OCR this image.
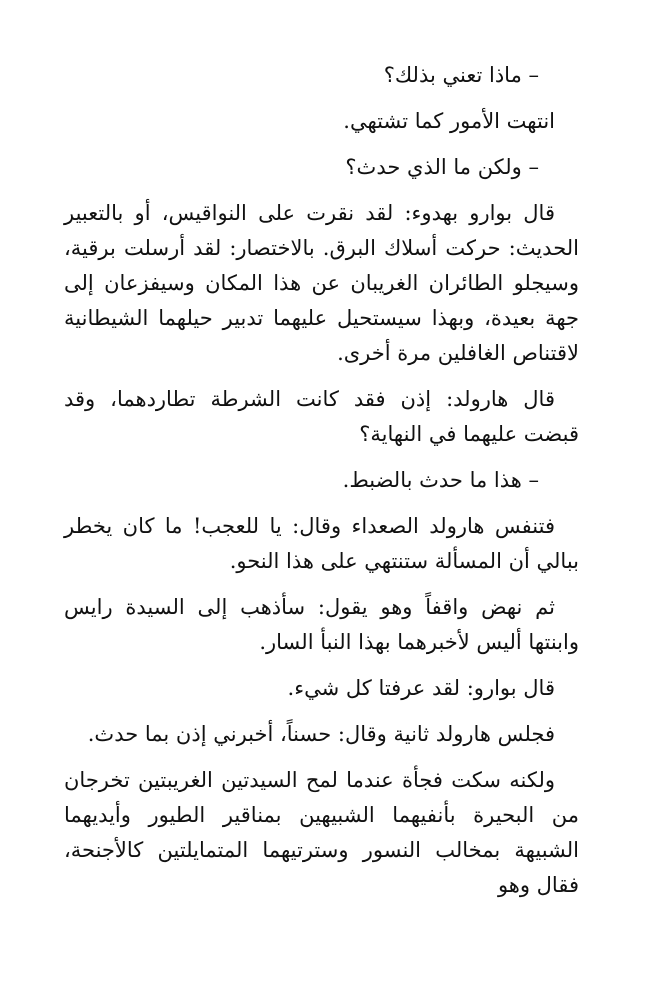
– ماذا تعني بذلك؟

انتهت الأمور كما تشتهي.

– ولكن ما الذي حدث؟

قال بوارو بهدوء: لقد نقرت على النواقيس، أو بالتعبير الحديث: حركت أسلاك البرق. بالاختصار: لقد أرسلت برقية، وسيجلو الطائران الغريبان عن هذا المكان وسيفزعان إلى جهة بعيدة، وبهذا سيستحيل عليهما تدبير حيلهما الشيطانية لاقتناص الغافلين مرة أخرى.

قال هارولد: إذن فقد كانت الشرطة تطاردهما، وقد قبضت عليهما في النهاية؟

– هذا ما حدث بالضبط.

فتنفس هارولد الصعداء وقال: يا للعجب! ما كان يخطر ببالي أن المسألة ستنتهي على هذا النحو.

ثم نهض واقفاً وهو يقول: سأذهب إلى السيدة رايس وابنتها أليس لأخبرهما بهذا النبأ السار.

قال بوارو: لقد عرفتا كل شيء.

فجلس هارولد ثانية وقال: حسناً، أخبرني إذن بما حدث.

ولكنه سكت فجأة عندما لمح السيدتين الغريبتين تخرجان من البحيرة بأنفيهما الشبيهين بمناقير الطيور وأيديهما الشبيهة بمخالب النسور وسترتيهما المتمايلتين كالأجنحة، فقال وهو
